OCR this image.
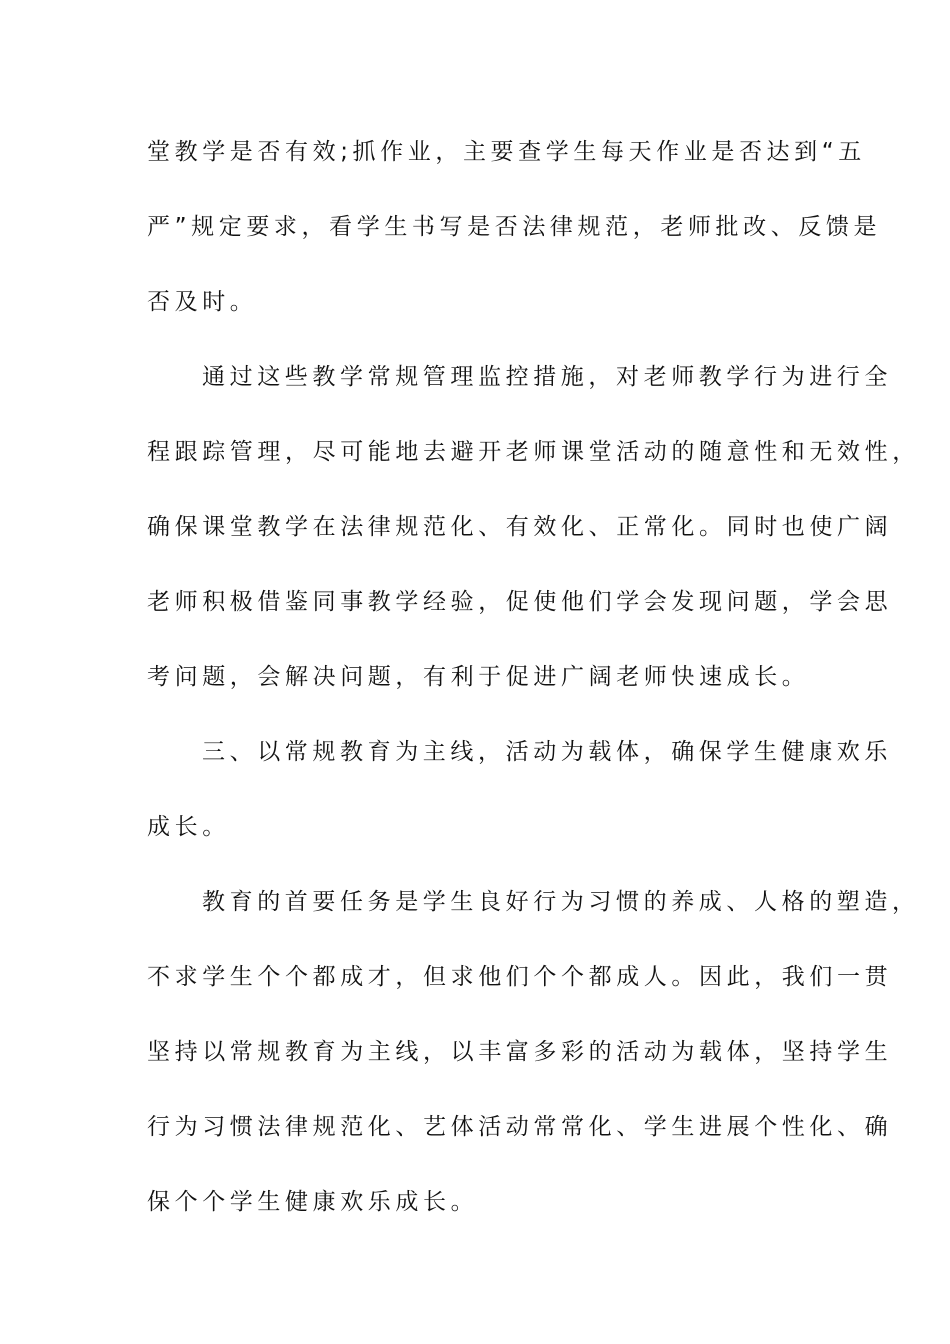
堂教学是否有效;抓作业，主要查学生每天作业是否达到“五
严”规定要求，看学生书写是否法律规范，老师批改、反馈是
否及时。
通过这些教学常规管理监控措施，对老师教学行为进行全
程跟踪管理，尽可能地去避开老师课堂活动的随意性和无效性，
确保课堂教学在法律规范化、有效化、正常化。同时也使广阔
老师积极借鉴同事教学经验，促使他们学会发现问题，学会思
考问题，会解决问题，有利于促进广阔老师快速成长。
三、以常规教育为主线，活动为载体，确保学生健康欢乐
成长。
教育的首要任务是学生良好行为习惯的养成、人格的塑造，
不求学生个个都成才，但求他们个个都成人。因此，我们一贯
坚持以常规教育为主线，以丰富多彩的活动为载体，坚持学生
行为习惯法律规范化、艺体活动常常化、学生进展个性化、确
保个个学生健康欢乐成长。
